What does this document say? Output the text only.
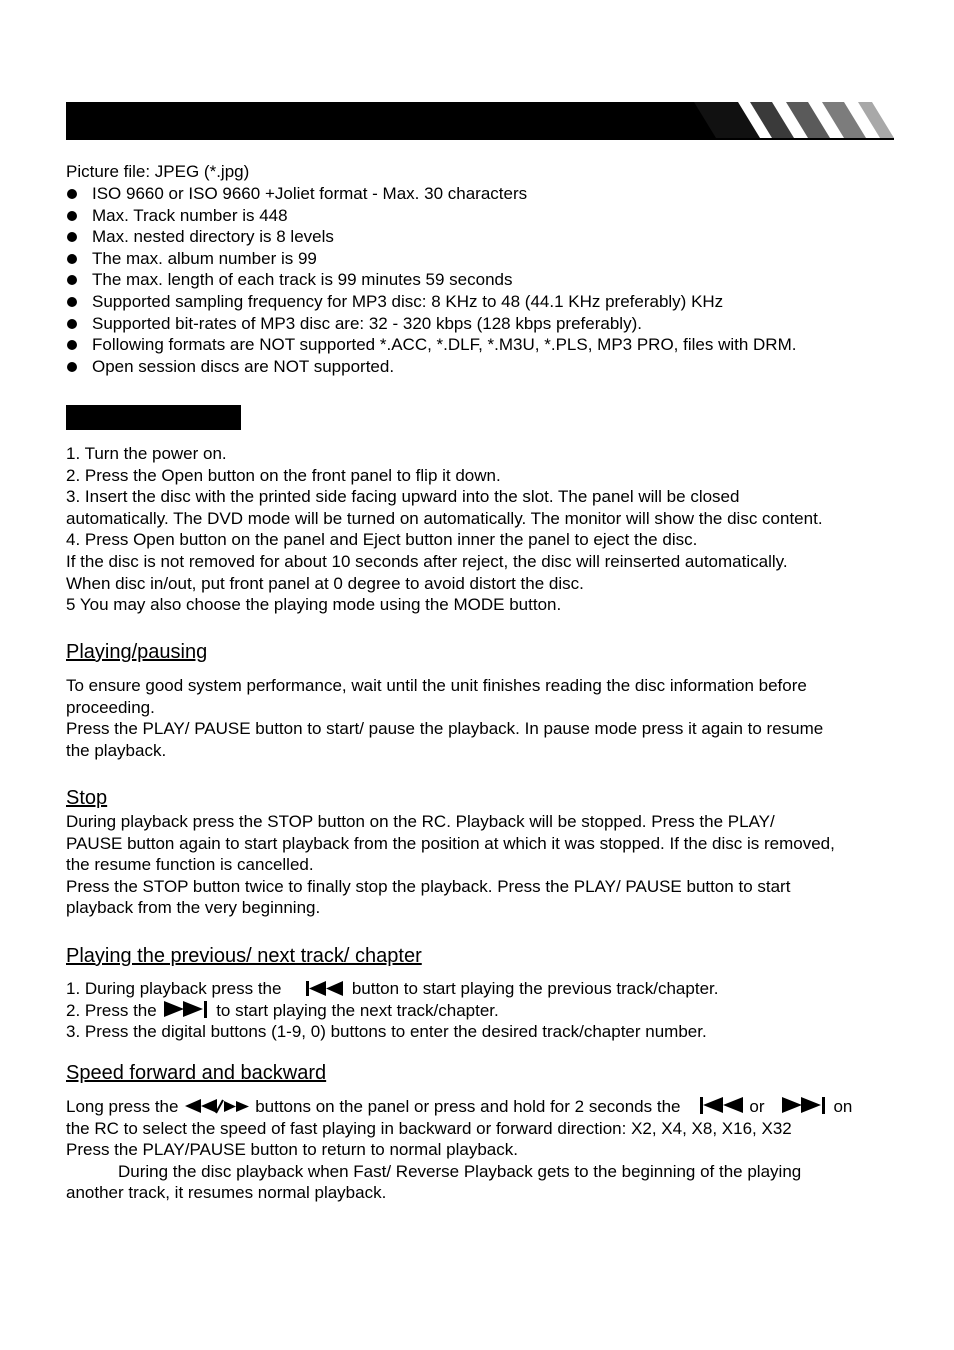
Picture file: JPEG (*.jpg)
ISO 9660 or ISO 9660 +Joliet format - Max. 30 characters
Max. Track number is 448
Max. nested directory is 8 levels
The max. album number is 99
The max. length of each track is 99 minutes 59 seconds
Supported sampling frequency for MP3 disc: 8 KHz to 48 (44.1 KHz preferably) KHz
Supported bit-rates of MP3 disc are: 32 - 320 kbps (128 kbps preferably).
Following formats are NOT supported *.ACC, *.DLF, *.M3U, *.PLS, MP3 PRO, files with DRM.
Open session discs are NOT supported.

1. Turn the power on.

2. Press the Open button on the front panel to flip it down.

3. Insert the disc with the printed side facing upward into the slot. The panel will be closed

automatically. The DVD mode will be turned on automatically. The monitor will show the disc content.

4. Press Open button on the panel and Eject button inner the panel to eject the disc.

If the disc is not removed for about 10 seconds after reject, the disc will reinserted automatically.

When disc in/out, put front panel at 0 degree to avoid distort the disc.

5 You may also choose the playing mode using the MODE button.

Playing/pausing

To ensure good system performance, wait until the unit finishes reading the disc information before

proceeding.

Press the PLAY/ PAUSE button to start/ pause the playback. In pause mode press it again to resume

the playback.

Stop

During playback press the STOP button on the RC. Playback will be stopped. Press the PLAY/

PAUSE button again to start playback from the position at which it was stopped. If the disc is removed,

the resume function is cancelled.

Press the STOP button twice to finally stop the playback. Press the PLAY/ PAUSE button to start

playback from the very beginning.

Playing the previous/ next track/ chapter

1. During playback press the	button to start playing the previous track/chapter.

2. Press the	to start playing the next track/chapter.

3. Press the digital buttons (1-9, 0) buttons to enter the desired track/chapter number.

Speed forward and backward

Long press the	buttons on the panel or press and hold for 2 seconds the	or	on

the RC to select the speed of fast playing in backward or forward direction: X2, X4, X8, X16, X32

Press the PLAY/PAUSE button to return to normal playback.

During the disc playback when Fast/ Reverse Playback gets to the beginning of the playing

another track, it resumes normal playback.
